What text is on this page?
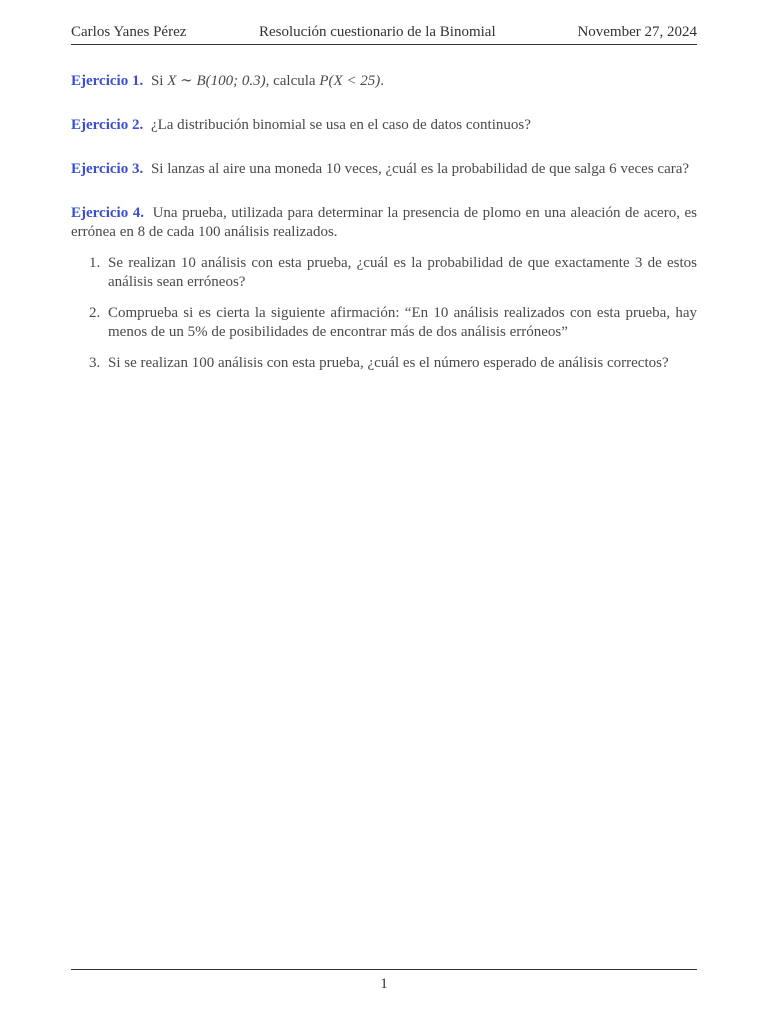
Carlos Yanes Pérez	Resolución cuestionario de la Binomial	November 27, 2024

Ejercicio 1. Si X ∼ B(100; 0.3), calcula P(X < 25).

Ejercicio 2. ¿La distribución binomial se usa en el caso de datos continuos?

Ejercicio 3. Si lanzas al aire una moneda 10 veces, ¿cuál es la probabilidad de que salga 6 veces cara?

Ejercicio 4. Una prueba, utilizada para determinar la presencia de plomo en una aleación de acero, es errónea en 8 de cada 100 análisis realizados.
1. Se realizan 10 análisis con esta prueba, ¿cuál es la probabilidad de que exactamente 3 de estos análisis sean erróneos?
2. Comprueba si es cierta la siguiente afirmación: “En 10 análisis realizados con esta prueba, hay menos de un 5% de posibilidades de encontrar más de dos análisis erróneos”
3. Si se realizan 100 análisis con esta prueba, ¿cuál es el número esperado de análisis correctos?
1
